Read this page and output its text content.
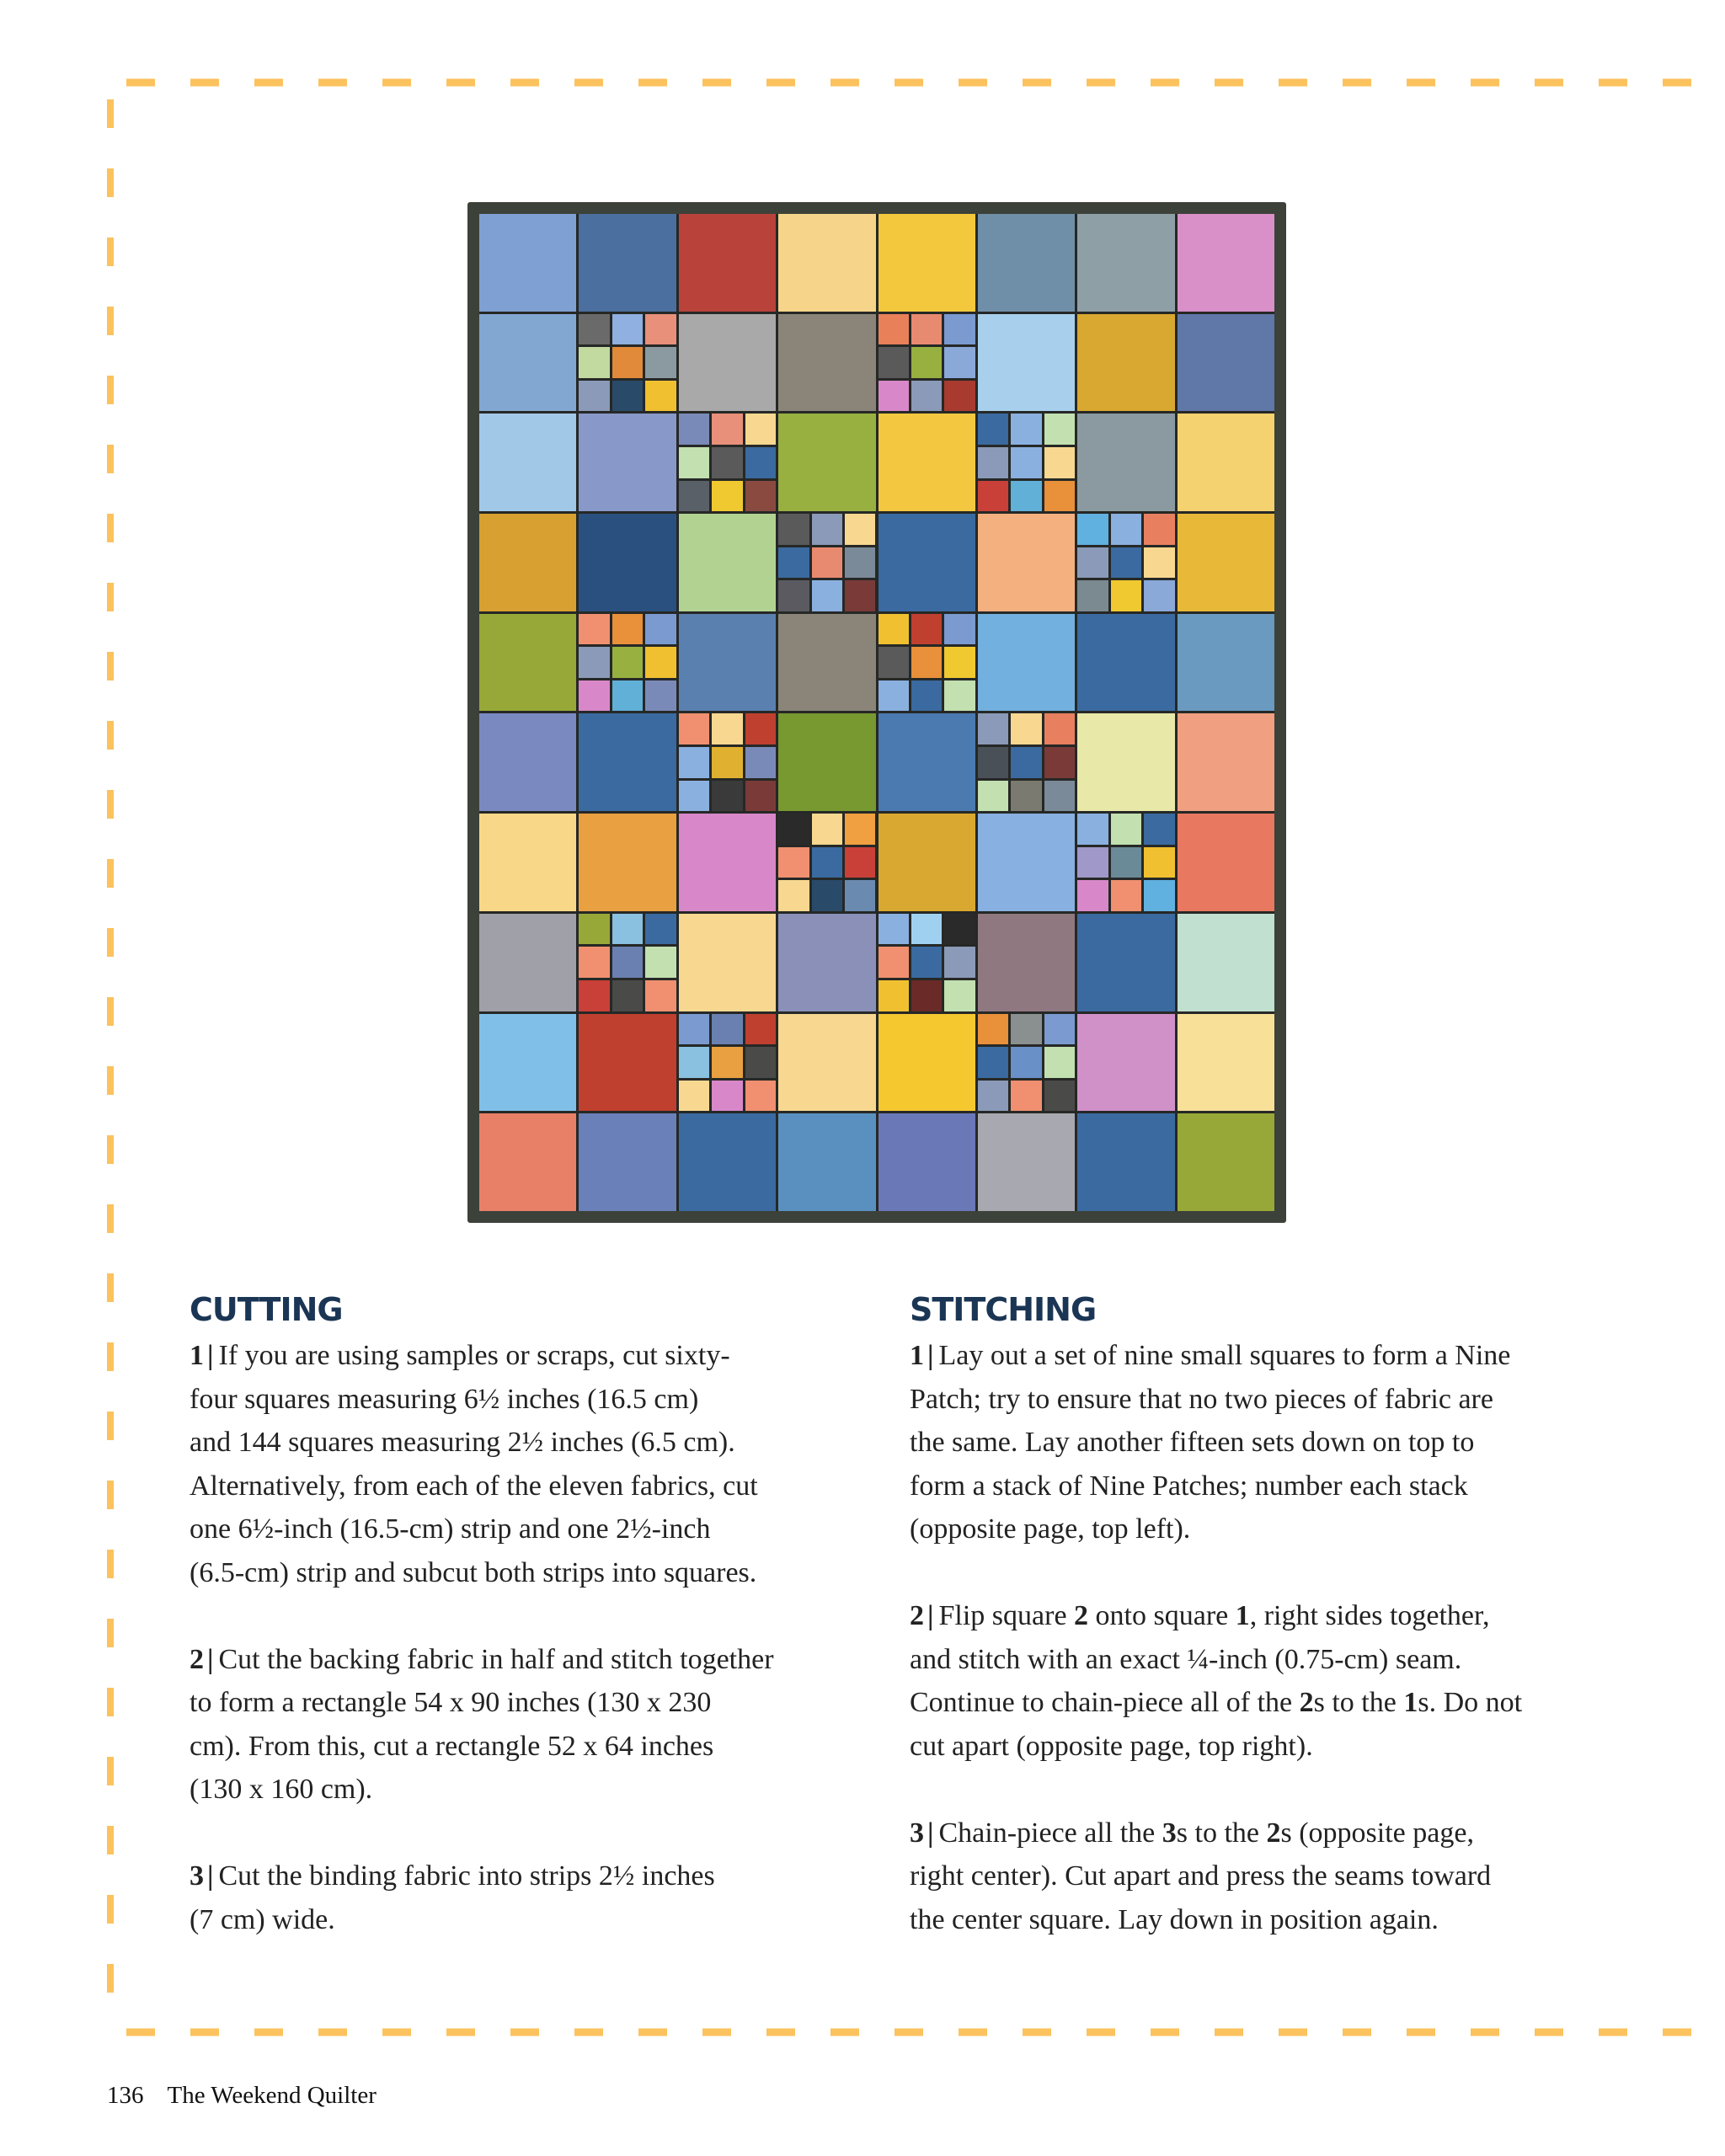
CUTTING

1 | If you are using samples or scraps, cut sixty-
four squares measuring 6½ inches (16.5 cm)
and 144 squares measuring 2½ inches (6.5 cm).
Alternatively, from each of the eleven fabrics, cut
one 6½-inch (16.5-cm) strip and one 2½-inch
(6.5-cm) strip and subcut both strips into squares.

2 | Cut the backing fabric in half and stitch together
to form a rectangle 54 x 90 inches (130 x 230
cm). From this, cut a rectangle 52 x 64 inches
(130 x 160 cm).

3 | Cut the binding fabric into strips 2½ inches
(7 cm) wide.

STITCHING

1 | Lay out a set of nine small squares to form a Nine
Patch; try to ensure that no two pieces of fabric are
the same. Lay another fifteen sets down on top to
form a stack of Nine Patches; number each stack
(opposite page, top left).

2 | Flip square 2 onto square 1, right sides together,
and stitch with an exact ¼-inch (0.75-cm) seam.
Continue to chain-piece all of the 2s to the 1s. Do not
cut apart (opposite page, top right).

3 | Chain-piece all the 3s to the 2s (opposite page,
right center). Cut apart and press the seams toward
the center square. Lay down in position again.

136 The Weekend Quilter
